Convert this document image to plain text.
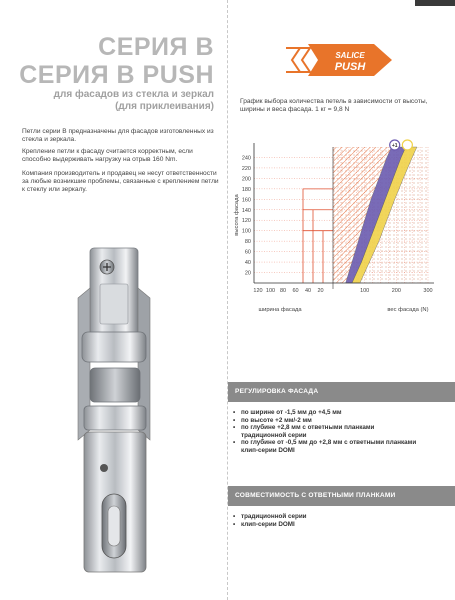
СЕРИЯ B
СЕРИЯ B PUSH
для фасадов из стекла и зеркал
(для приклеивания)

Петли серии B предназначены для фасадов изготовленных из стекла и зеркала.

Крепление петли к фасаду считается корректным, если способно выдерживать нагрузку на отрыв 160 Nm.

Компания производитель и продавец не несут ответственности за любые возникшие проблемы, связанные с креплением петли к стеклу или зеркалу.

SALICE
PUSH

График выбора количества петель в зависимости от высоты, ширины и веса фасада. 1 кг = 9,8 N

20
40
60
80
100
120
140
160
180
200
220
240
+1
120 100 80 60 40 20	100	200	300
высота фасада
ширина фасада	вес фасада (N)
РЕГУЛИРОВКА ФАСАДА
• по ширине от -1,5 мм до +4,5 мм
• по высоте +2 мм/-2 мм
• по глубине +2,8 мм с ответными планками
традиционной серии
• по глубине от -0,5 мм до +2,8 мм с ответными планками
клип-серии DOMI
СОВМЕСТИМОСТЬ С ОТВЕТНЫМИ ПЛАНКАМИ
• традиционной серии
• клип-серии DOMI
